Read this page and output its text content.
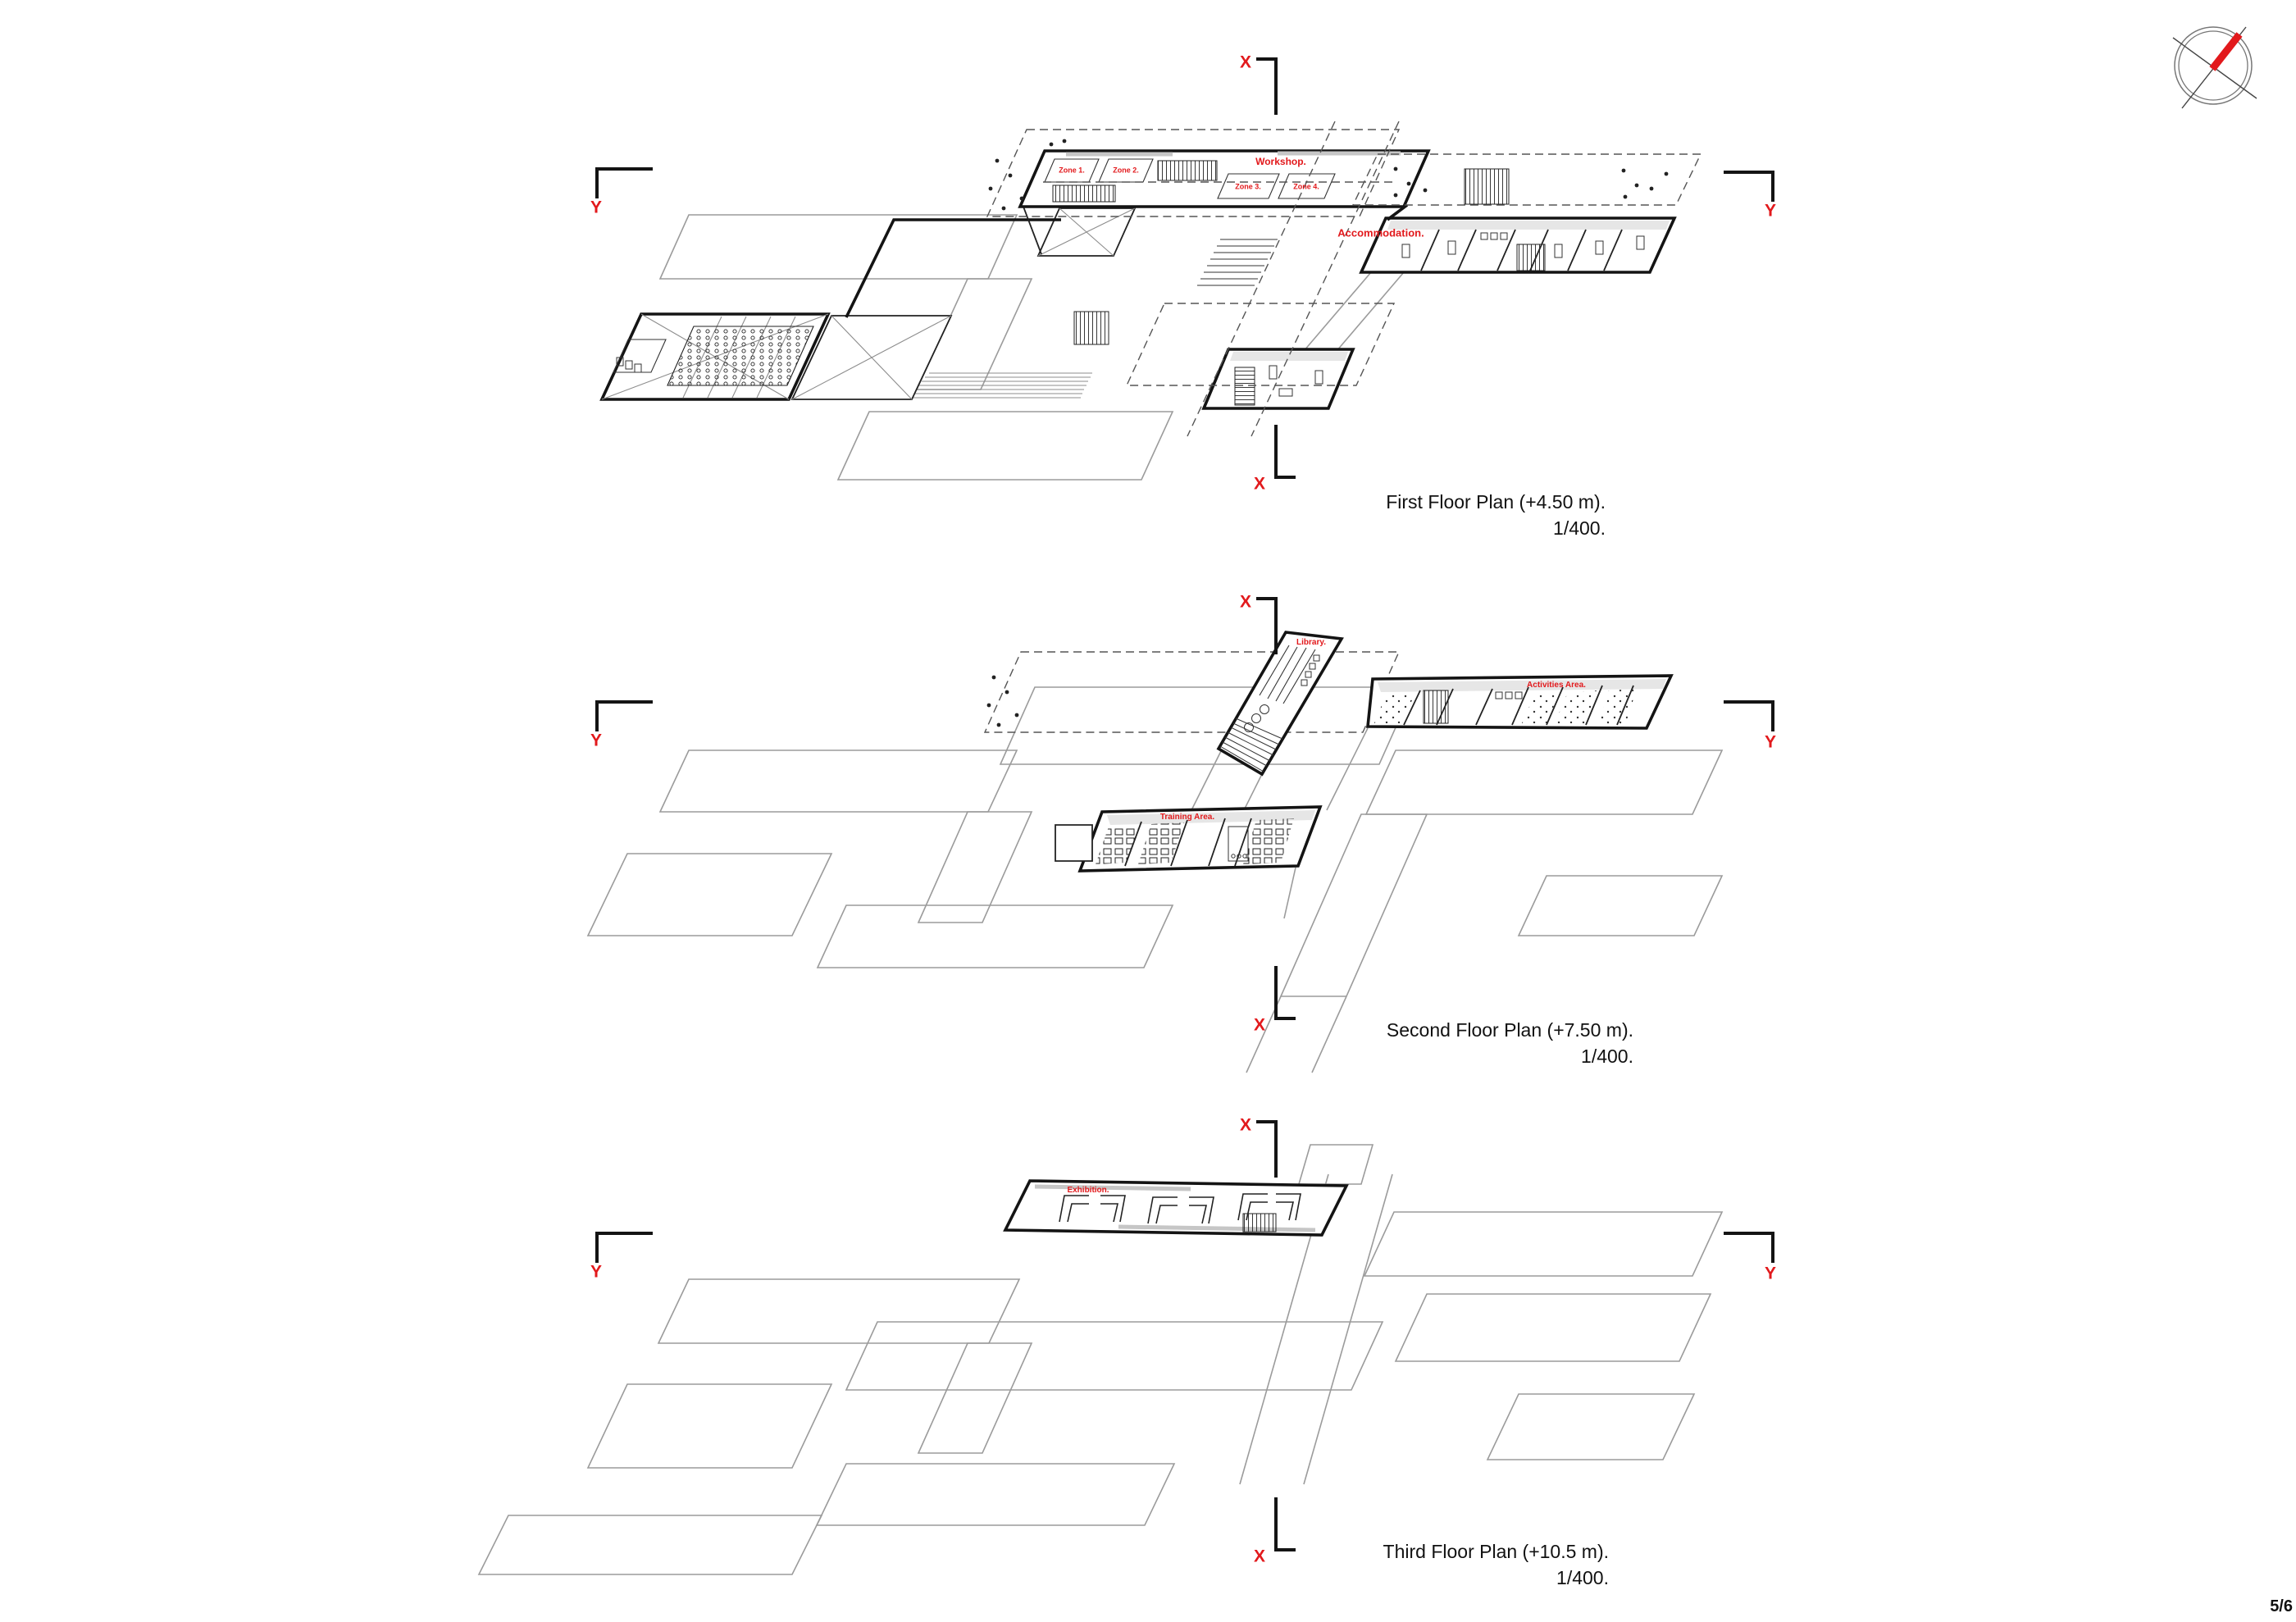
Zone 1.	Zone 2.
Zone 3.	Zone 4.
Workshop.
Accommodation.
Library.
Activities Area.
Training Area.
Exhibition.
X
X
Y	Y
X
X
Y	Y
X
X
Y	Y
First Floor Plan (+4.50 m).
1/400.
Second Floor Plan (+7.50 m).
1/400.
Third Floor Plan (+10.5 m).
1/400.
5/6
